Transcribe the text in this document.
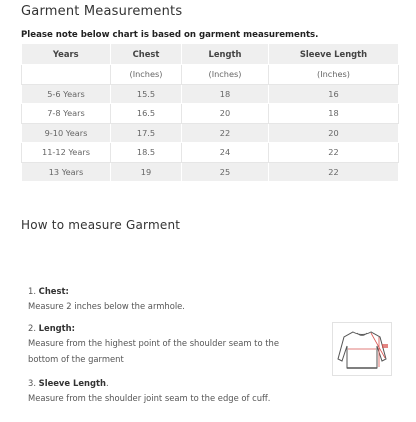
Garment Measurements
Please note below chart is based on garment measurements.
Years	Chest	Length	Sleeve Length
	(Inches)	(Inches)	(Inches)
5-6 Years	15.5	18	16
7-8 Years	16.5	20	18
9-10 Years	17.5	22	20
11-12 Years	18.5	24	22
13 Years	19	25	22
How to measure Garment
1. Chest:
Measure 2 inches below the armhole.
2. Length:
Measure from the highest point of the shoulder seam to the
bottom of the garment
3. Sleeve Length.
Measure from the shoulder joint seam to the edge of cuff.
